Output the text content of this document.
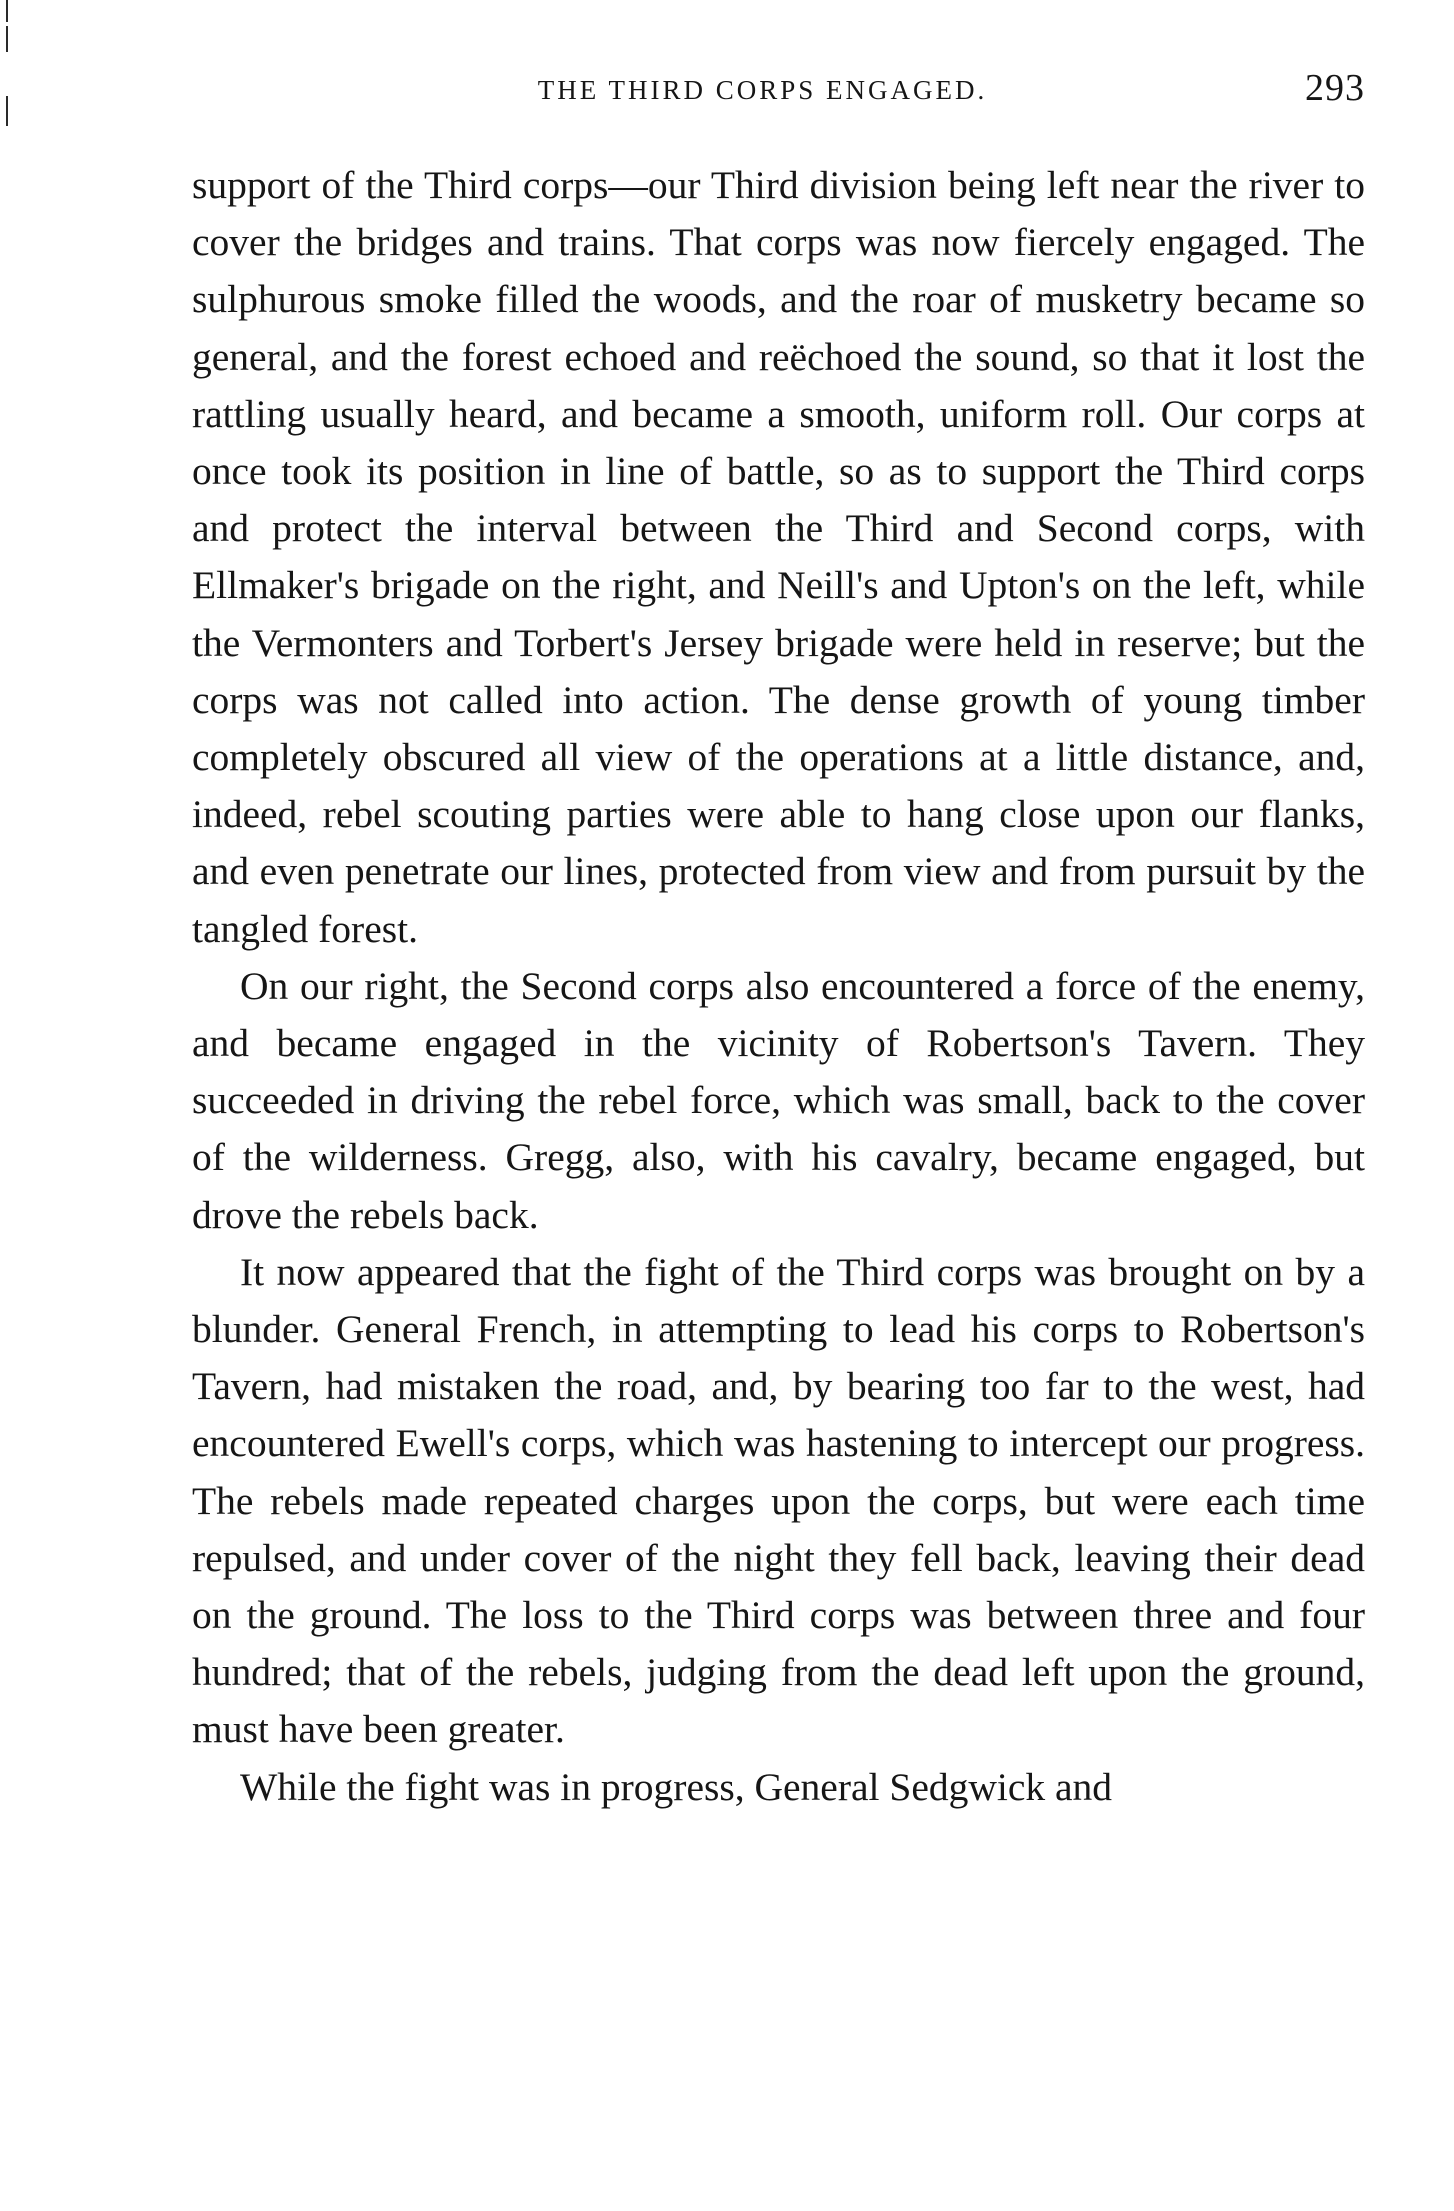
THE THIRD CORPS ENGAGED.	293

support of the Third corps—our Third division being left near the river to cover the bridges and trains. That corps was now fiercely engaged. The sulphurous smoke filled the woods, and the roar of musketry became so general, and the forest echoed and reëchoed the sound, so that it lost the rattling usually heard, and became a smooth, uniform roll. Our corps at once took its position in line of battle, so as to support the Third corps and protect the interval between the Third and Second corps, with Ellmaker's brigade on the right, and Neill's and Upton's on the left, while the Vermonters and Torbert's Jersey brigade were held in reserve; but the corps was not called into action. The dense growth of young timber completely obscured all view of the operations at a little distance, and, indeed, rebel scouting parties were able to hang close upon our flanks, and even penetrate our lines, protected from view and from pursuit by the tangled forest.

On our right, the Second corps also encountered a force of the enemy, and became engaged in the vicinity of Robertson's Tavern. They succeeded in driving the rebel force, which was small, back to the cover of the wilderness. Gregg, also, with his cavalry, became engaged, but drove the rebels back.

It now appeared that the fight of the Third corps was brought on by a blunder. General French, in attempting to lead his corps to Robertson's Tavern, had mistaken the road, and, by bearing too far to the west, had encountered Ewell's corps, which was hastening to intercept our progress. The rebels made repeated charges upon the corps, but were each time repulsed, and under cover of the night they fell back, leaving their dead on the ground. The loss to the Third corps was between three and four hundred; that of the rebels, judging from the dead left upon the ground, must have been greater.

While the fight was in progress, General Sedgwick and
